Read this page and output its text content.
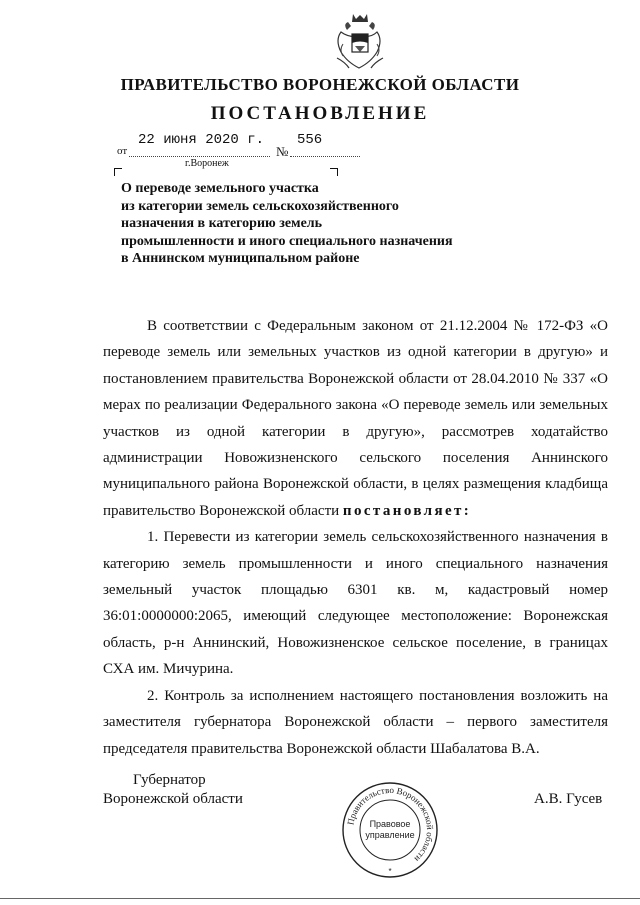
ПРАВИТЕЛЬСТВО ВОРОНЕЖСКОЙ ОБЛАСТИ
ПОСТАНОВЛЕНИЕ
от
22 июня 2020 г.
№
556
г.Воронеж
О переводе земельного участка
из категории земель сельскохозяйственного
назначения в категорию земель
промышленности и иного специального назначения
в Аннинском муниципальном районе

В соответствии с Федеральным законом от 21.12.2004 № 172-ФЗ «О переводе земель или земельных участков из одной категории в другую» и постановлением правительства Воронежской области от 28.04.2010 № 337 «О мерах по реализации Федерального закона «О переводе земель или земельных участков из одной категории в другую», рассмотрев ходатайство администрации Новожизненского сельского поселения Аннинского муниципального района Воронежской области, в целях размещения кладбища правительство Воронежской области постановляет:

1. Перевести из категории земель сельскохозяйственного назначения в категорию земель промышленности и иного специального назначения земельный участок площадью 6301 кв. м, кадастровый номер 36:01:0000000:2065, имеющий следующее местоположение: Воронежская область, р-н Аннинский, Новожизненское сельское поселение, в границах СХА им. Мичурина.

2. Контроль за исполнением настоящего постановления возложить на заместителя губернатора Воронежской области – первого заместителя председателя правительства Воронежской области Шабалатова В.А.

Губернатор
Воронежской области	А.В. Гусев
Правительство Воронежской области
Правовое
управление
*
